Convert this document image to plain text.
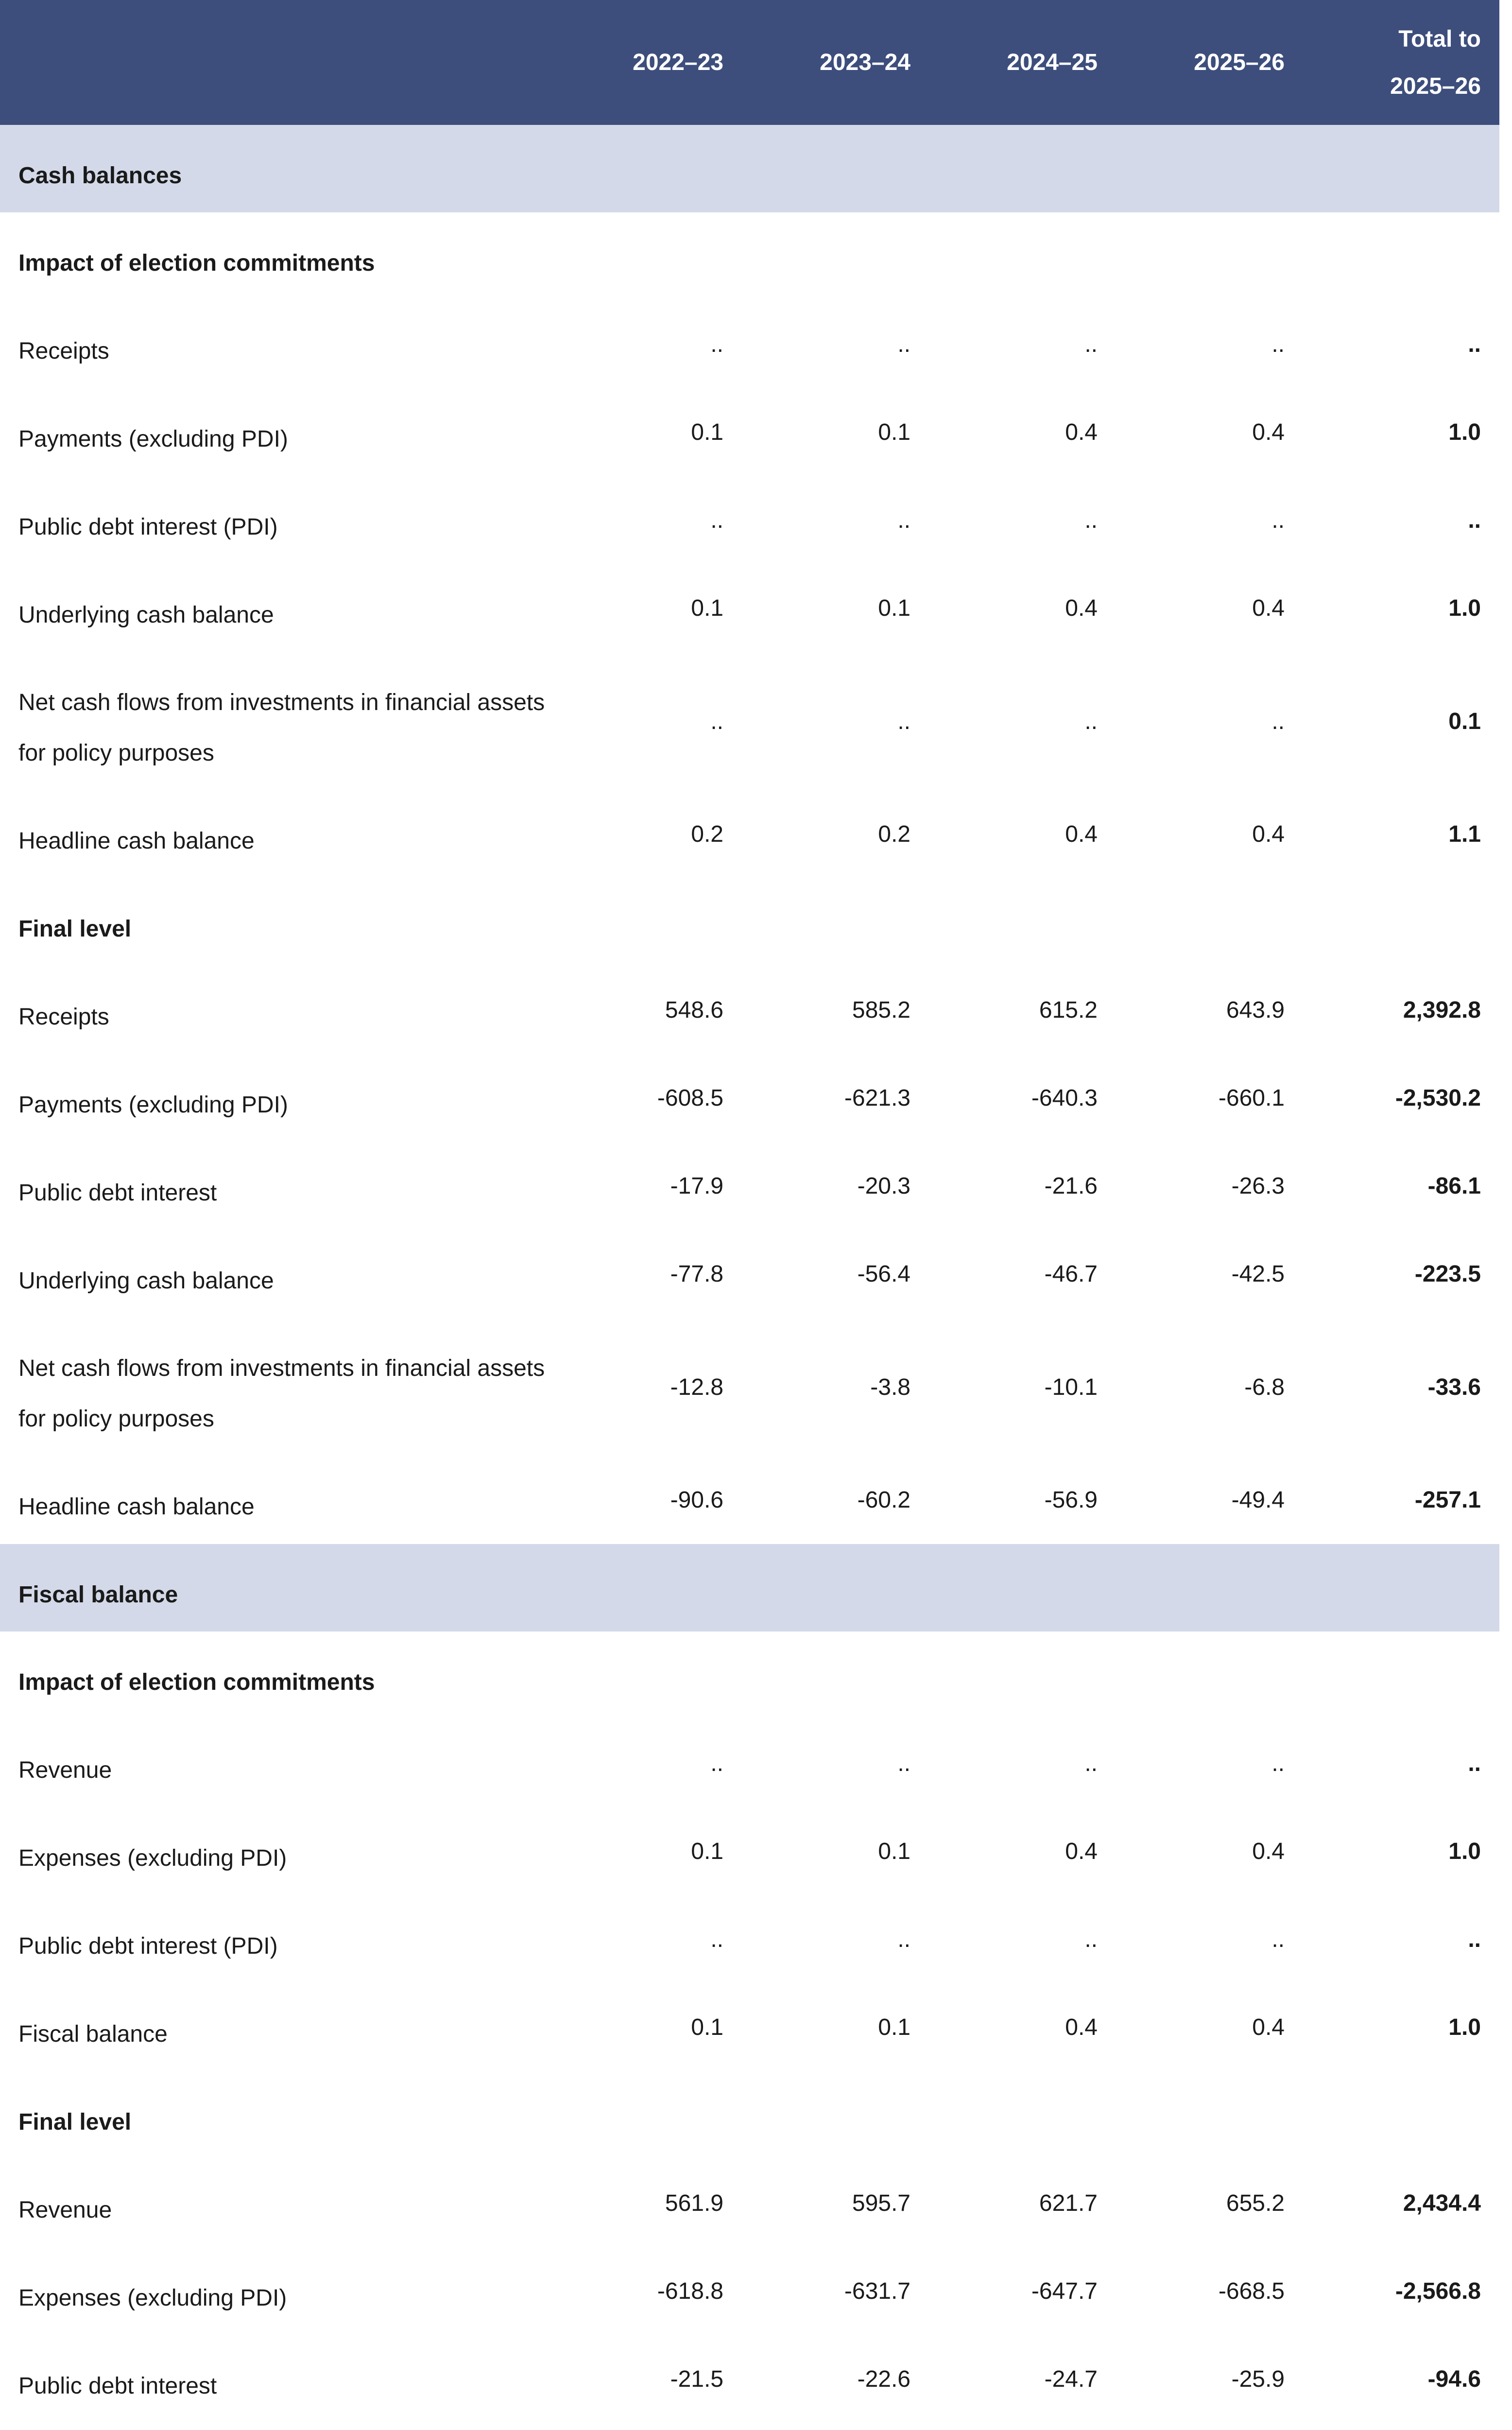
	2022–23	2023–24	2024–25	2025–26	Total to
2025–26
Cash balances					
Impact of election commitments					
Receipts	..	..	..	..	..
Payments (excluding PDI)	0.1	0.1	0.4	0.4	1.0
Public debt interest (PDI)	..	..	..	..	..
Underlying cash balance	0.1	0.1	0.4	0.4	1.0
Net cash flows from investments in financial assets for policy purposes	..	..	..	..	0.1
Headline cash balance	0.2	0.2	0.4	0.4	1.1
Final level					
Receipts	548.6	585.2	615.2	643.9	2,392.8
Payments (excluding PDI)	-608.5	-621.3	-640.3	-660.1	-2,530.2
Public debt interest	-17.9	-20.3	-21.6	-26.3	-86.1
Underlying cash balance	-77.8	-56.4	-46.7	-42.5	-223.5
Net cash flows from investments in financial assets for policy purposes	-12.8	-3.8	-10.1	-6.8	-33.6
Headline cash balance	-90.6	-60.2	-56.9	-49.4	-257.1
Fiscal balance					
Impact of election commitments					
Revenue	..	..	..	..	..
Expenses (excluding PDI)	0.1	0.1	0.4	0.4	1.0
Public debt interest (PDI)	..	..	..	..	..
Fiscal balance	0.1	0.1	0.4	0.4	1.0
Final level					
Revenue	561.9	595.7	621.7	655.2	2,434.4
Expenses (excluding PDI)	-618.8	-631.7	-647.7	-668.5	-2,566.8
Public debt interest	-21.5	-22.6	-24.7	-25.9	-94.6
